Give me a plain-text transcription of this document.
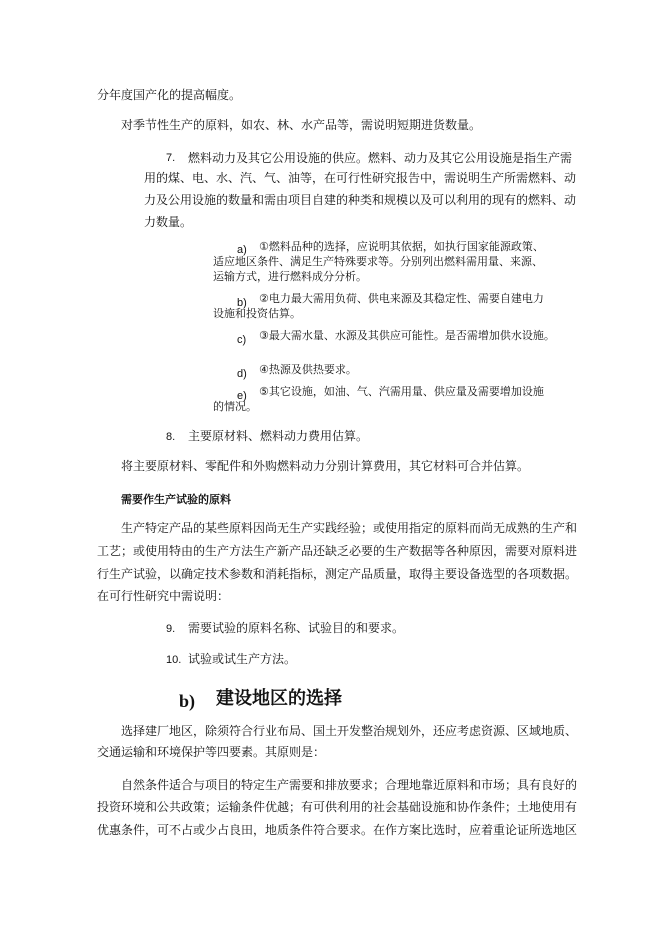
分年度国产化的提高幅度。
对季节性生产的原料，如农、林、水产品等，需说明短期进货数量。
7. 燃料动力及其它公用设施的供应。燃料、动力及其它公用设施是指生产需
用的煤、电、水、汽、气、油等，在可行性研究报告中，需说明生产所需燃料、动
力及公用设施的数量和需由项目自建的种类和规模以及可以利用的现有的燃料、动
力数量。
a) ①燃料品种的选择，应说明其依据，如执行国家能源政策、
适应地区条件、满足生产特殊要求等。分别列出燃料需用量、来源、
运输方式，进行燃料成分分析。
b) ②电力最大需用负荷、供电来源及其稳定性、需要自建电力
设施和投资估算。
c) ③最大需水量、水源及其供应可能性。是否需增加供水设施。
d) ④热源及供热要求。
e) ⑤其它设施，如油、气、汽需用量、供应量及需要增加设施
的情况。
8. 主要原材料、燃料动力费用估算。
将主要原材料、零配件和外购燃料动力分别计算费用，其它材料可合并估算。
需要作生产试验的原料
生产特定产品的某些原料因尚无生产实践经验；或使用指定的原料而尚无成熟的生产和
工艺；或使用特由的生产方法生产新产品还缺乏必要的生产数据等各种原因，需要对原料进
行生产试验，以确定技术参数和消耗指标，测定产品质量，取得主要设备选型的各项数据。
在可行性研究中需说明：
9. 需要试验的原料名称、试验目的和要求。
10. 试验或试生产方法。
b) 建设地区的选择
选择建厂地区，除须符合行业布局、国土开发整治规划外，还应考虑资源、区域地质、
交通运输和环境保护等四要素。其原则是：
自然条件适合与项目的特定生产需要和排放要求；合理地靠近原料和市场；具有良好的
投资环境和公共政策；运输条件优越；有可供利用的社会基础设施和协作条件；土地使用有
优惠条件，可不占或少占良田，地质条件符合要求。在作方案比选时，应着重论证所选地区
